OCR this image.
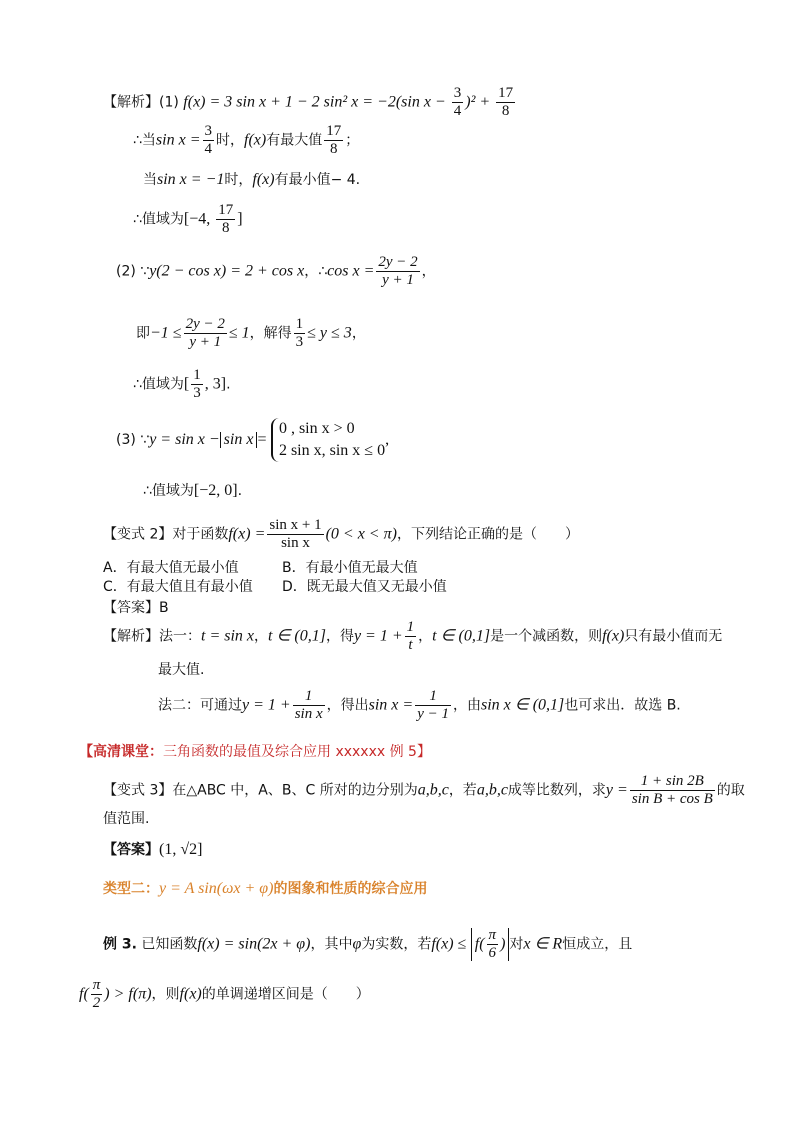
【解析】(1) f(x) = 3 sin x + 1 − 2 sin² x = −2(sin $x - \frac{3}{4} )^2 + \frac{17}{8}$
∴当$\sin x = \frac{3}{4}$ 时，f(x)有最大值 $\frac{17}{8}$ ；
当sin x = −1时，f(x)有最小值− 4.
∴值域为[−4, $\frac{17}{8}$ ]
(2) ∵y(2 − cos x) = 2 + cos x，∴cos $x = \frac{2y - 2}{y + 1}$ ，
即$-1 \le \frac{2y - 2}{y + 1} \le 1$，解得 $\frac{1}{3} \le y \le 3$，
∴值域为[ $\frac{1}{3}$ , 3].
(3) ∵y = sin x − sin x =
0 , sin x > 0
2 sin x, sin x ≤ 0
,
∴值域为[−2, 0].
【变式 2】对于函数$f(x) = \frac{\text{sin x + 1}}{\text{sin x}} (0 < x < \pi)$，下列结论正确的是（　　）
A．有最大值无最小值	B．有最小值无最大值
C．有最大值且有最小值 D．既无最大值又无最小值
【答案】B
【解析】法一：t = sin x，t ∈ (0,1]，得$y = 1 + \frac{1}{t}$ ，t ∈ (0,1]是一个减函数，则f(x)只有最小值而无
最大值.
法二：可通过$y = 1 + \frac{1}{\text{sin x}}$ ，得出$\sin x = \frac{1}{y - 1}$ ，由sin x ∈ (0,1]也可求出．故选 B.
【高清课堂：三角函数的最值及综合应用 xxxxxx 例 5】
【变式 3】在△ABC 中，A、B、C 所对的边分别为a,b,c，若a,b,c成等比数列，求$y = \frac{1 + \sin 2B}{\text{sin B + cos B}}$ 的取
值范围.
【答案】(1, √2]
类型二：y = A sin(ωx + φ)的图象和性质的综合应用
例 3. 已知函数f(x) = sin(2x + φ)，其中φ为实数，若$f(x) \le f( \frac{\pi}{6}$ ) 对x ∈ R恒成立，且
$f( \frac{\pi}{2}$ ) > f(π)，则f(x)的单调递增区间是（　　）
